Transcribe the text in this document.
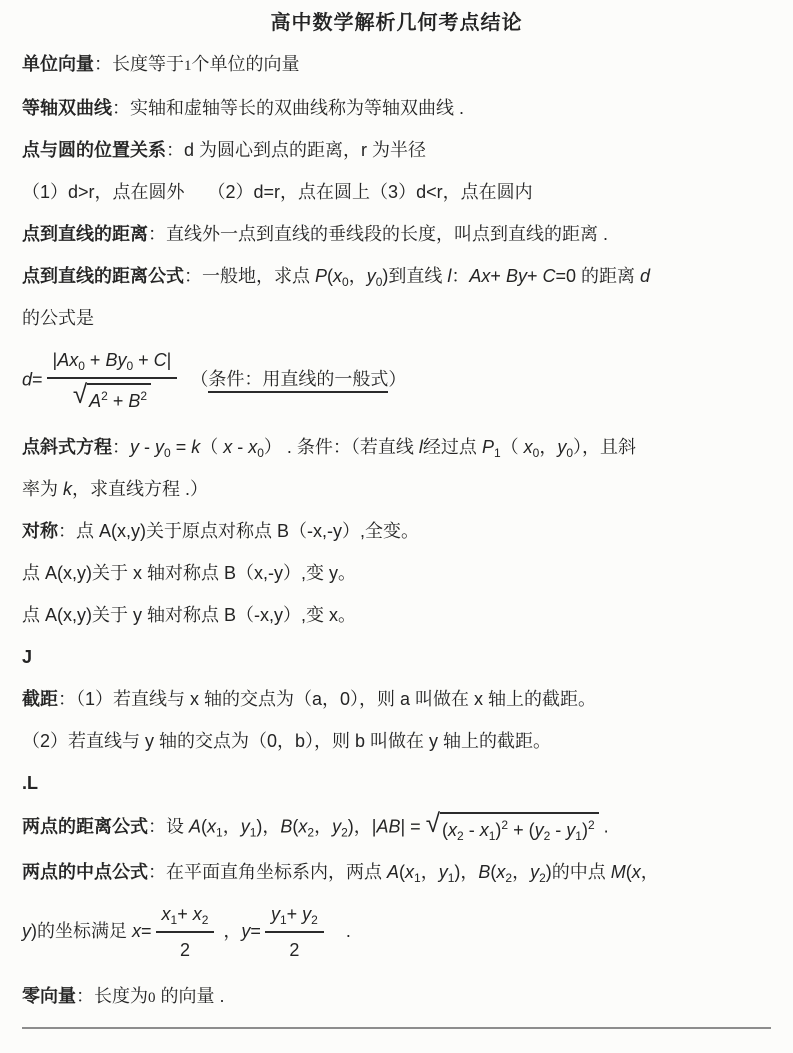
高中数学解析几何考点结论
单位向量：长度等于1个单位的向量
等轴双曲线：实轴和虚轴等长的双曲线称为等轴双曲线 .
点与圆的位置关系：d 为圆心到点的距离，r 为半径
（1）d>r，点在圆外　 （2）d=r，点在圆上（3）d<r，点在圆内
点到直线的距离：直线外一点到直线的垂线段的长度，叫点到直线的距离 .
点到直线的距离公式：一般地，求点 $P(x_0$，$y_0$)到直线 l：Ax+ By+ C=0 的距离 d
的公式是
$d= \frac{|Ax_0 + By_0 + C|}{√ A^2 + B^2}$ 　（条件：用直线的一般式）
点斜式方程：$y - y_0 = k$（ x - $x_0$） . 条件：（若直线 l经过点 $P_1$（ $x_0$，$y_0$），且斜
率为 k，求直线方程 .）
对称：点 A(x,y)关于原点对称点 B（-x,-y）,全变。
点 A(x,y)关于 x 轴对称点 B（x,-y）,变 y。
点 A(x,y)关于 y 轴对称点 B（-x,y）,变 x。
J
截距：（1）若直线与 x 轴的交点为（a，0），则 a 叫做在 x 轴上的截距。
（2）若直线与 y 轴的交点为（0，b），则 b 叫做在 y 轴上的截距。
.L
两点的距离公式：设 $A(x_1$，$y_1$)，$B(x_2$，$y_2$)，|AB| = √ $(x_2 - x_1)^2 + (y_2 - y_1)^2$ .
两点的中点公式：在平面直角坐标系内，两点 $A(x_1$，$y_1$)，$B(x_2$，$y_2$)的中点 M(x，
y)的坐标满足 $x= \frac{x_1+ x_2}{2}$ ，$y= \frac{y_1+ y_2}{2}$ 　.
零向量：长度为0 的向量 .
